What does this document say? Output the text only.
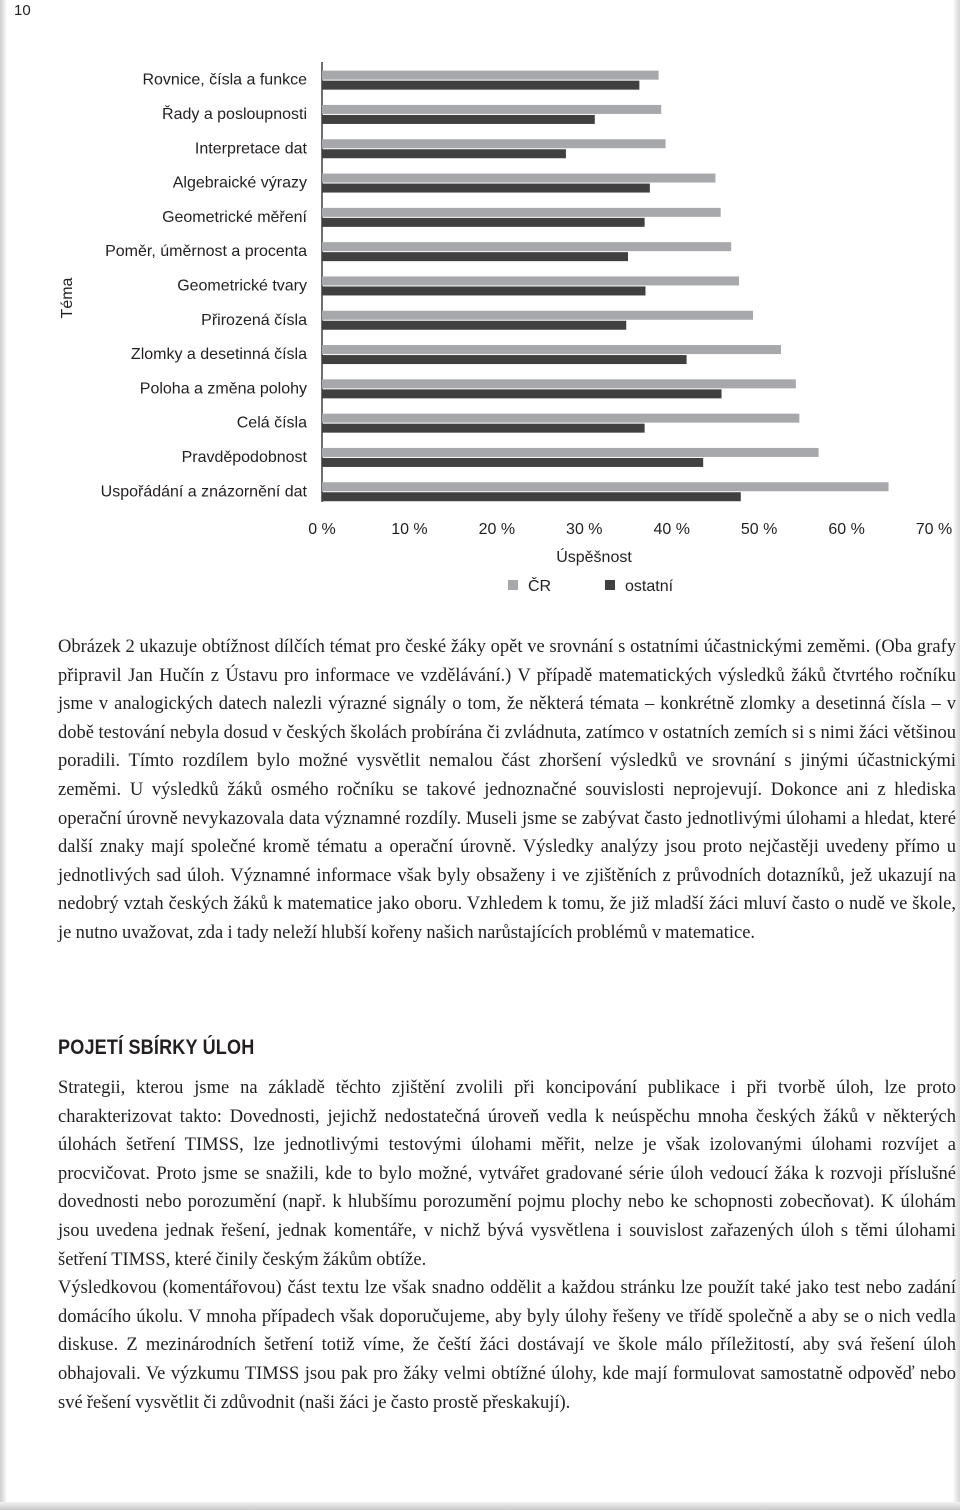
10
Téma
Rovnice, čísla a funkce
Řady a posloupnosti
Interpretace dat
Algebraické výrazy
Geometrické měření
Poměr, úměrnost a procenta
Geometrické tvary
Přirozená čísla
Zlomky a desetinná čísla
Poloha a změna polohy
Celá čísla
Pravděpodobnost
Uspořádání a znázornění dat
0 %	10 %	20 %	30 %	40 %	50 %	60 %	70 %
Úspěšnost
ČR	ostatní

Obrázek 2 ukazuje obtížnost dílčích témat pro české žáky opět ve srovnání s ostatními účastnickými zeměmi. (Oba grafy připravil Jan Hučín z Ústavu pro informace ve vzdělávání.) V případě matematických výsledků žáků čtvrtého ročníku jsme v analogických datech nalezli výrazné signály o tom, že některá témata – konkrétně zlomky a desetinná čísla – v době testování nebyla dosud v českých školách probírána či zvládnuta, zatímco v ostatních zemích si s nimi žáci většinou poradili. Tímto rozdílem bylo možné vysvětlit nemalou část zhoršení výsledků ve srovnání s jinými účastnickými zeměmi. U výsledků žáků osmého ročníku se takové jednoznačné souvislosti neprojevují. Dokonce ani z hlediska operační úrovně nevykazovala data významné rozdíly. Museli jsme se zabývat často jednotlivými úlohami a hledat, které další znaky mají společné kromě tématu a operační úrovně. Výsledky analýzy jsou proto nejčastěji uvedeny přímo u jednotlivých sad úloh. Významné informace však byly obsaženy i ve zjištěních z průvodních dotazníků, jež ukazují na nedobrý vztah českých žáků k matematice jako oboru. Vzhledem k tomu, že již mladší žáci mluví často o nudě ve škole, je nutno uvažovat, zda i tady neleží hlubší kořeny našich narůstajících problémů v matematice.

POJETÍ SBÍRKY ÚLOH

Strategii, kterou jsme na základě těchto zjištění zvolili při koncipování publikace i při tvorbě úloh, lze proto charakterizovat takto: Dovednosti, jejichž nedostatečná úroveň vedla k neúspěchu mnoha českých žáků v některých úlohách šetření TIMSS, lze jednotlivými testovými úlohami měřit, nelze je však izolovanými úlohami rozvíjet a procvičovat. Proto jsme se snažili, kde to bylo možné, vytvářet gradované série úloh vedoucí žáka k rozvoji příslušné dovednosti nebo porozumění (např. k hlubšímu porozumění pojmu plochy nebo ke schopnosti zobecňovat). K úlohám jsou uvedena jednak řešení, jednak komentáře, v nichž bývá vysvětlena i souvislost zařazených úloh s těmi úlohami šetření TIMSS, které činily českým žákům obtíže.

Výsledkovou (komentářovou) část textu lze však snadno oddělit a každou stránku lze použít také jako test nebo zadání domácího úkolu. V mnoha případech však doporučujeme, aby byly úlohy řešeny ve třídě společně a aby se o nich vedla diskuse. Z mezinárodních šetření totiž víme, že čeští žáci dostávají ve škole málo příležitostí, aby svá řešení úloh obhajovali. Ve výzkumu TIMSS jsou pak pro žáky velmi obtížné úlohy, kde mají formulovat samostatně odpověď nebo své řešení vysvětlit či zdůvodnit (naši žáci je často prostě přeskakují).
